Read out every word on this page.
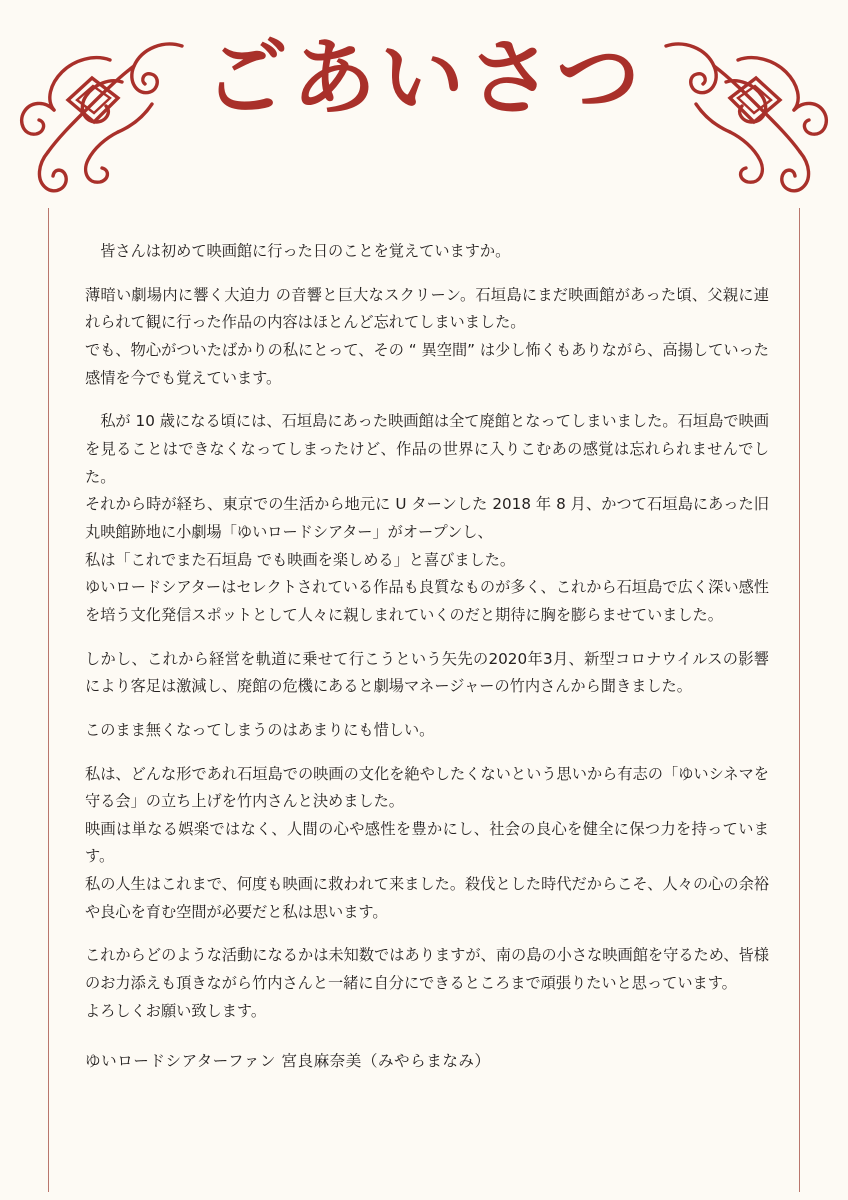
ごあいさつ

皆さんは初めて映画館に行った日のことを覚えていますか。

薄暗い劇場内に響く大迫力 の音響と巨大なスクリーン。石垣島にまだ映画館があった頃、父親に連れられて観に行った作品の内容はほとんど忘れてしまいました。

でも、物心がついたばかりの私にとって、その “ 異空間” は少し怖くもありながら、高揚していった感情を今でも覚えています。

私が 10 歳になる頃には、石垣島にあった映画館は全て廃館となってしまいました。石垣島で映画を見ることはできなくなってしまったけど、作品の世界に入りこむあの感覚は忘れられませんでした。

それから時が経ち、東京での生活から地元に U ターンした 2018 年 8 月、かつて石垣島にあった旧丸映館跡地に小劇場「ゆいロードシアター」がオープンし、

私は「これでまた石垣島 でも映画を楽しめる」と喜びました。

ゆいロードシアターはセレクトされている作品も良質なものが多く、これから石垣島で広く深い感性を培う文化発信スポットとして人々に親しまれていくのだと期待に胸を膨らませていました。

しかし、これから経営を軌道に乗せて行こうという矢先の2020年3月、新型コロナウイルスの影響により客足は激減し、廃館の危機にあると劇場マネージャーの竹内さんから聞きました。

このまま無くなってしまうのはあまりにも惜しい。

私は、どんな形であれ石垣島での映画の文化を絶やしたくないという思いから有志の「ゆいシネマを守る会」の立ち上げを竹内さんと決めました。

映画は単なる娯楽ではなく、人間の心や感性を豊かにし、社会の良心を健全に保つ力を持っています。

私の人生はこれまで、何度も映画に救われて来ました。殺伐とした時代だからこそ、人々の心の余裕や良心を育む空間が必要だと私は思います。

これからどのような活動になるかは未知数ではありますが、南の島の小さな映画館を守るため、皆様のお力添えも頂きながら竹内さんと一緒に自分にできるところまで頑張りたいと思っています。

よろしくお願い致します。

ゆいロードシアターファン 宮良麻奈美（みやらまなみ）
